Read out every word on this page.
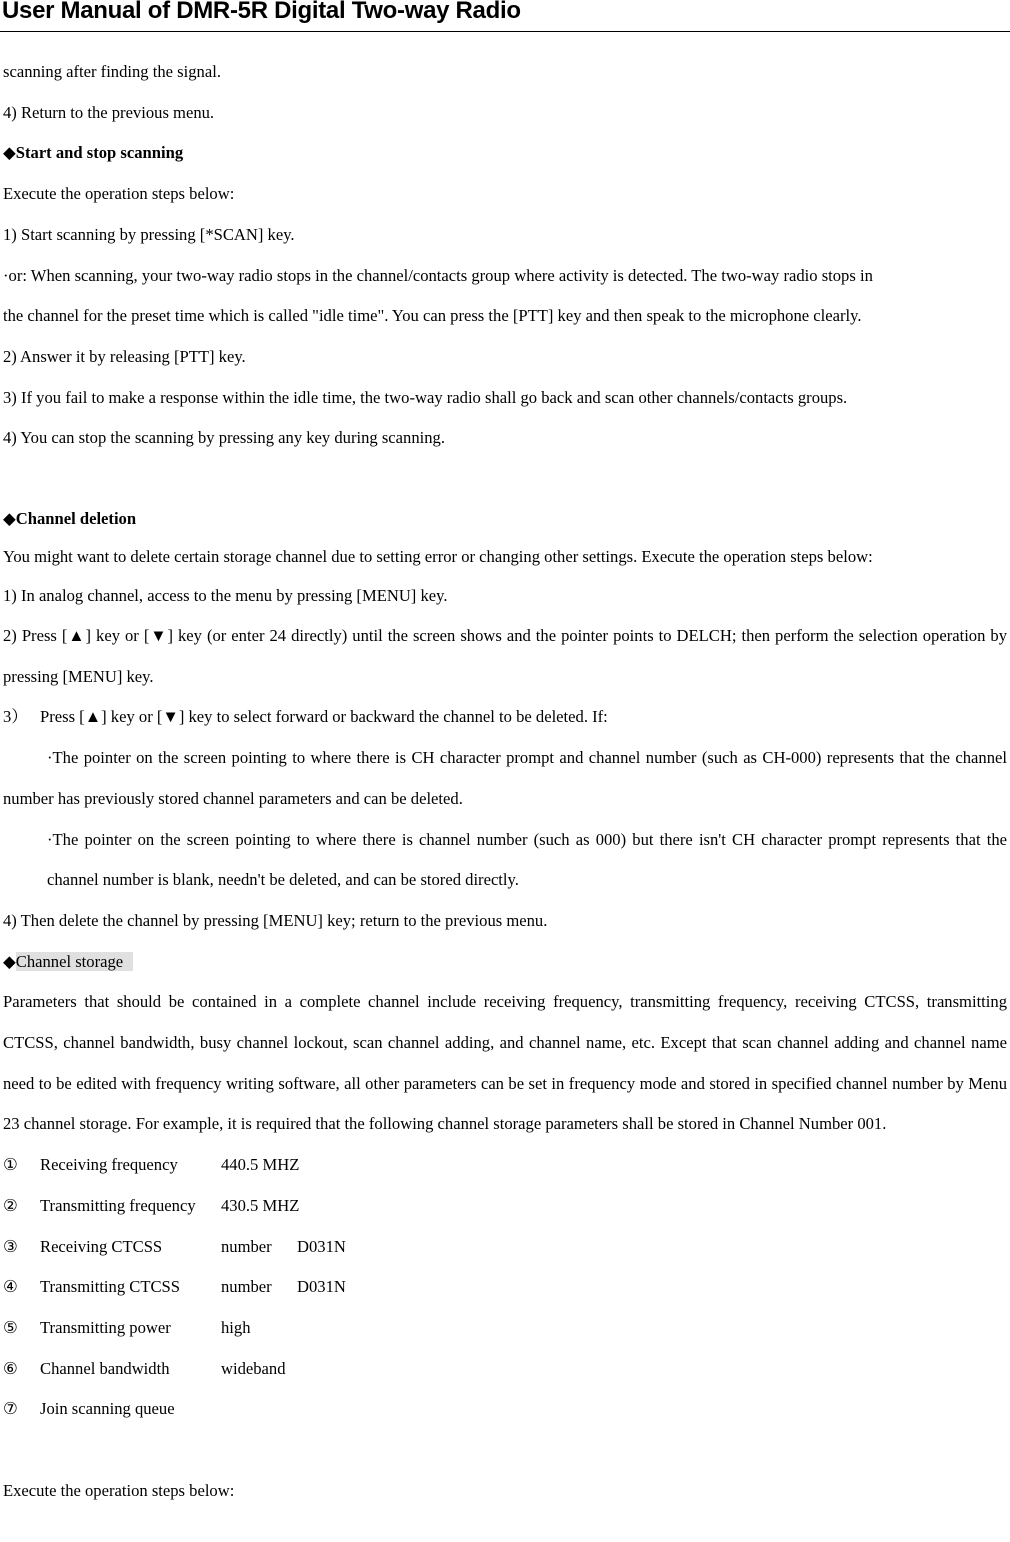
User Manual of DMR-5R Digital Two-way Radio

scanning after finding the signal.

4) Return to the previous menu.

◆Start and stop scanning

Execute the operation steps below:

1) Start scanning by pressing [*SCAN] key.

·or: When scanning, your two-way radio stops in the channel/contacts group where activity is detected. The two-way radio stops in

the channel for the preset time which is called "idle time". You can press the [PTT] key and then speak to the microphone clearly.

2) Answer it by releasing [PTT] key.

3) If you fail to make a response within the idle time, the two-way radio shall go back and scan other channels/contacts groups.

4) You can stop the scanning by pressing any key during scanning.

◆Channel deletion

You might want to delete certain storage channel due to setting error or changing other settings. Execute the operation steps below:

1) In analog channel, access to the menu by pressing [MENU] key.

2) Press [▲] key or [▼] key (or enter 24 directly) until the screen shows and the pointer points to DELCH; then perform the selection operation by pressing [MENU] key.

3） Press [▲] key or [▼] key to select forward or backward the channel to be deleted. If:

·The pointer on the screen pointing to where there is CH character prompt and channel number (such as CH-000) represents that the channel number has previously stored channel parameters and can be deleted.

·The pointer on the screen pointing to where there is channel number (such as 000) but there isn't CH character prompt represents that the channel number is blank, needn't be deleted, and can be stored directly.

4) Then delete the channel by pressing [MENU] key; return to the previous menu.

◆Channel storage

Parameters that should be contained in a complete channel include receiving frequency, transmitting frequency, receiving CTCSS, transmitting CTCSS, channel bandwidth, busy channel lockout, scan channel adding, and channel name, etc. Except that scan channel adding and channel name need to be edited with frequency writing software, all other parameters can be set in frequency mode and stored in specified channel number by Menu 23 channel storage. For example, it is required that the following channel storage parameters shall be stored in Channel Number 001.

① Receiving frequency	440.5 MHZ

② Transmitting frequency 430.5 MHZ

③ Receiving CTCSS	number D031N

④ Transmitting CTCSS number D031N

⑤ Transmitting power	high

⑥ Channel bandwidth	wideband

⑦ Join scanning queue

Execute the operation steps below:
